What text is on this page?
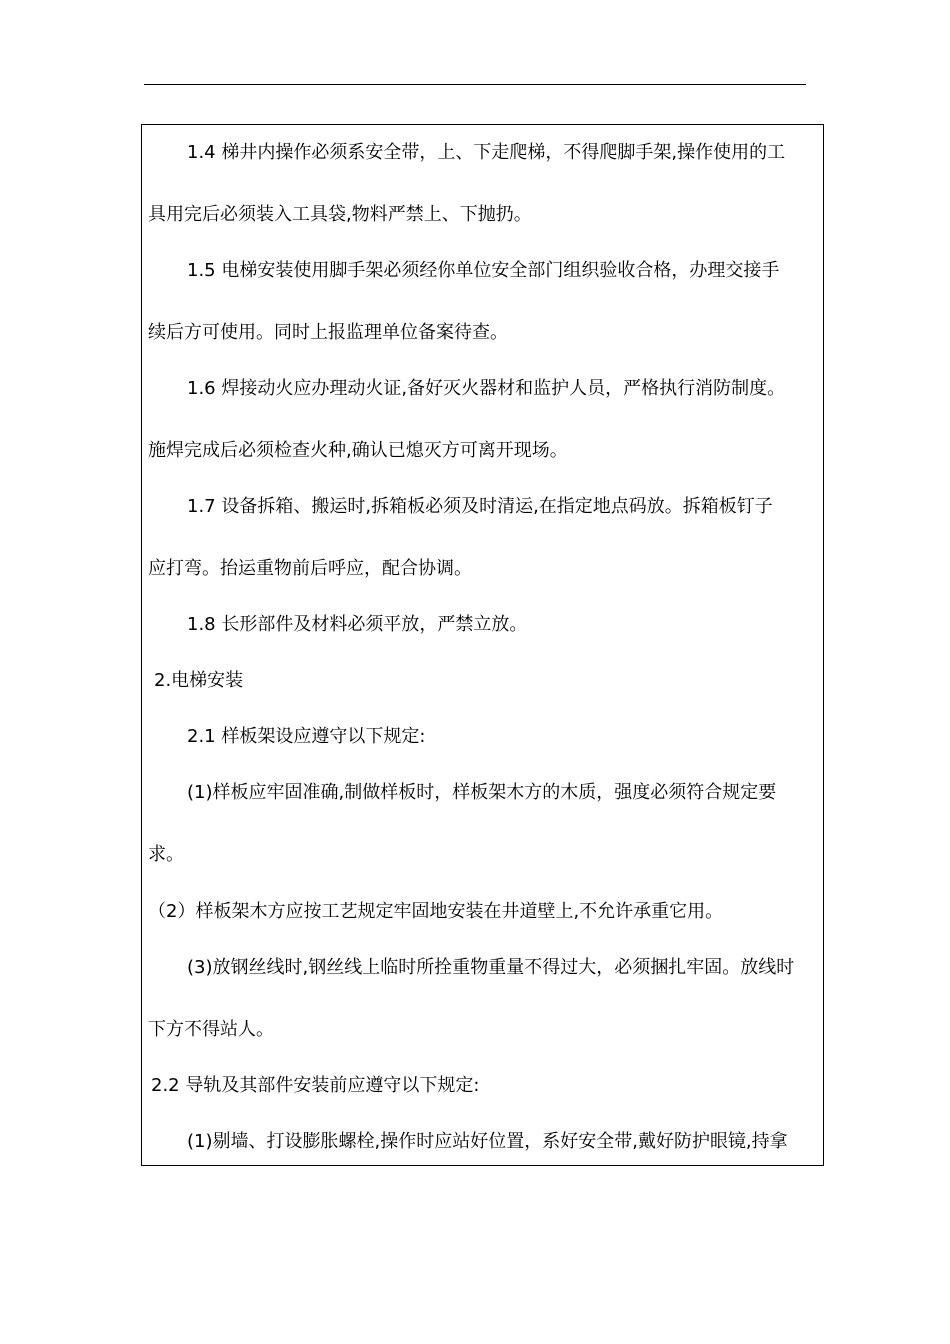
1.4 梯井内操作必须系安全带，上、下走爬梯，不得爬脚手架,操作使用的工
具用完后必须装入工具袋,物料严禁上、下抛扔。
1.5 电梯安装使用脚手架必须经你单位安全部门组织验收合格，办理交接手
续后方可使用。同时上报监理单位备案待查。
1.6 焊接动火应办理动火证,备好灭火器材和监护人员，严格执行消防制度。
施焊完成后必须检查火种,确认已熄灭方可离开现场。
1.7 设备拆箱、搬运时,拆箱板必须及时清运,在指定地点码放。拆箱板钉子
应打弯。抬运重物前后呼应，配合协调。
1.8 长形部件及材料必须平放，严禁立放。
2.电梯安装
2.1 样板架设应遵守以下规定:
(1)样板应牢固准确,制做样板时，样板架木方的木质，强度必须符合规定要
求。
（2）样板架木方应按工艺规定牢固地安装在井道壁上,不允许承重它用。
(3)放钢丝线时,钢丝线上临时所拴重物重量不得过大，必须捆扎牢固。放线时
下方不得站人。
2.2 导轨及其部件安装前应遵守以下规定:
(1)剔墙、打设膨胀螺栓,操作时应站好位置，系好安全带,戴好防护眼镜,持拿
